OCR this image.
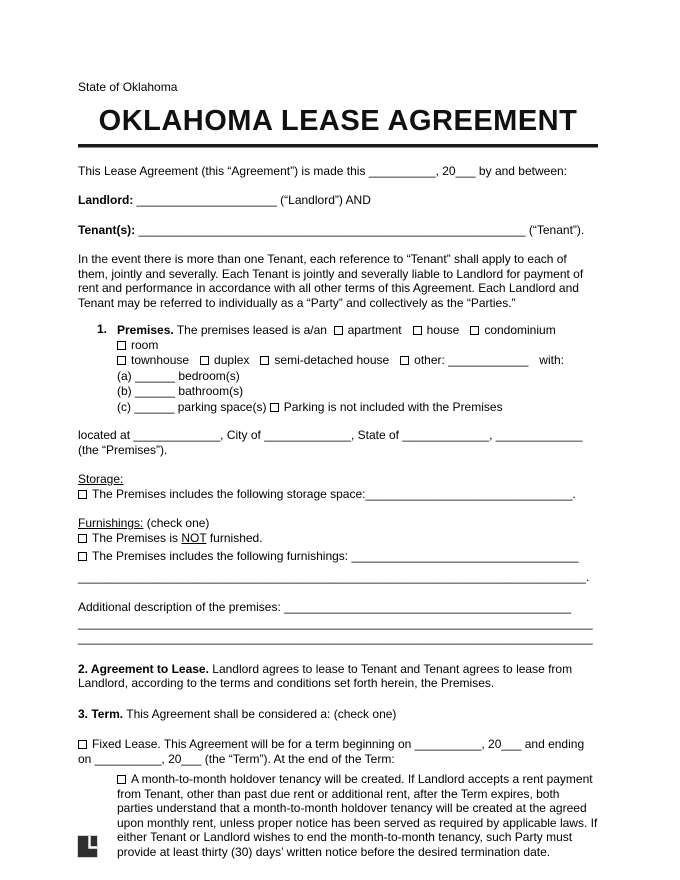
State of Oklahoma
OKLAHOMA LEASE AGREEMENT

This Lease Agreement (this “Agreement”) is made this __________, 20___ by and between:

Landlord: _____________________ (“Landlord”) AND

Tenant(s): __________________________________________________________ (“Tenant”).

In the event there is more than one Tenant, each reference to “Tenant” shall apply to each of them, jointly and severally. Each Tenant is jointly and severally liable to Landlord for payment of rent and performance in accordance with all other terms of this Agreement. Each Landlord and Tenant may be referred to individually as a “Party” and collectively as the “Parties.”

1. Premises. The premises leased is a/an apartment house condominiumroom
townhouse duplex semi-detached house other: ____________ with:
(a) ______ bedroom(s)
(b) ______ bathroom(s)
(c) ______ parking space(s) Parking is not included with the Premises

located at _____________, City of _____________, State of _____________, _____________

(the “Premises”).

Storage:

The Premises includes the following storage space:_______________________________.

Furnishings: (check one)

The Premises is NOT furnished.

The Premises includes the following furnishings: __________________________________

___________________________________________________________________________.

Additional description of the premises: ___________________________________________

____________________________________________________________________________

____________________________________________________________________________

2. Agreement to Lease. Landlord agrees to lease to Tenant and Tenant agrees to lease from Landlord, according to the terms and conditions set forth herein, the Premises.

3. Term. This Agreement shall be considered a: (check one)

Fixed Lease. This Agreement will be for a term beginning on __________, 20___ and ending on __________, 20___ (the “Term”). At the end of the Term:

A month-to-month holdover tenancy will be created. If Landlord accepts a rent payment from Tenant, other than past due rent or additional rent, after the Term expires, both parties understand that a month-to-month holdover tenancy will be created at the agreed upon monthly rent, unless proper notice has been served as required by applicable laws. If either Tenant or Landlord wishes to end the month-to-month tenancy, such Party must provide at least thirty (30) days’ written notice before the desired termination date.
